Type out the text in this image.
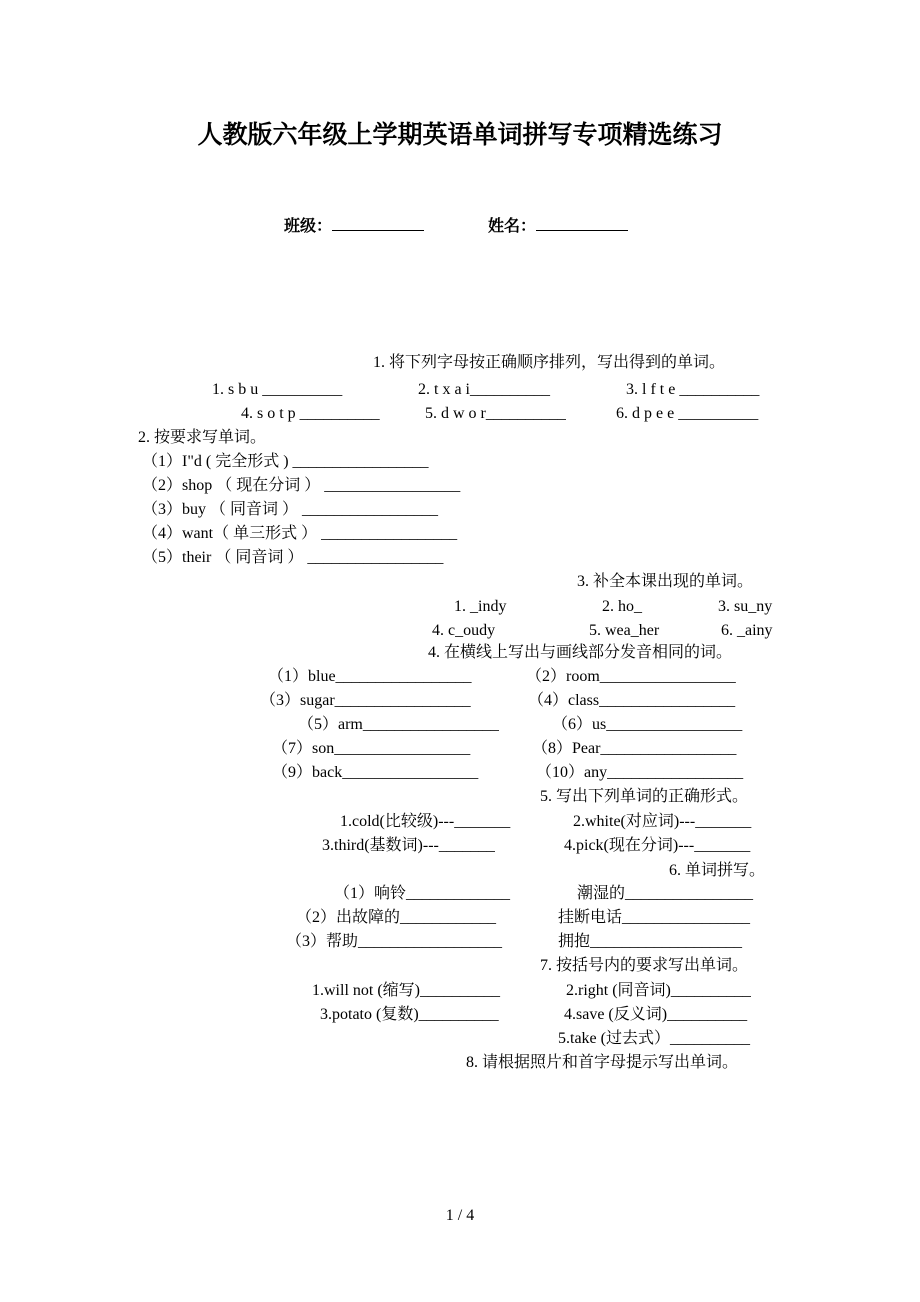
人教版六年级上学期英语单词拼写专项精选练习
班级：	姓名：
1. 将下列字母按正确顺序排列，写出得到的单词。
1. s b u __________	2. t x a i__________	3. l f t e __________
4. s o t p __________	5. d w o r__________	6. d p e e __________
2. 按要求写单词。
（1）I"d ( 完全形式 ) _________________
（2）shop （ 现在分词 ） _________________
（3）buy （ 同音词 ） _________________
（4）want（ 单三形式 ） _________________
（5）their （ 同音词 ） _________________
3. 补全本课出现的单词。
1. _indy	2. ho_	3. su_ny
4. c_oudy	5. wea_her	6. _ainy
4. 在横线上写出与画线部分发音相同的词。
（1）blue_________________	（2）room_________________
（3）sugar_________________	（4）class_________________
（5）arm_________________	（6）us_________________
（7）son_________________	（8）Pear_________________
（9）back_________________	（10）any_________________
5. 写出下列单词的正确形式。
1.cold(比较级)---_______	2.white(对应词)---_______
3.third(基数词)---_______	4.pick(现在分词)---_______
6. 单词拼写。
（1）响铃_____________	潮湿的________________
（2）出故障的____________	挂断电话________________
（3）帮助__________________	拥抱___________________
7. 按括号内的要求写出单词。
1.will not (缩写)__________	2.right (同音词)__________
3.potato (复数)__________	4.save (反义词)__________
5.take (过去式）__________
8. 请根据照片和首字母提示写出单词。
1 / 4
